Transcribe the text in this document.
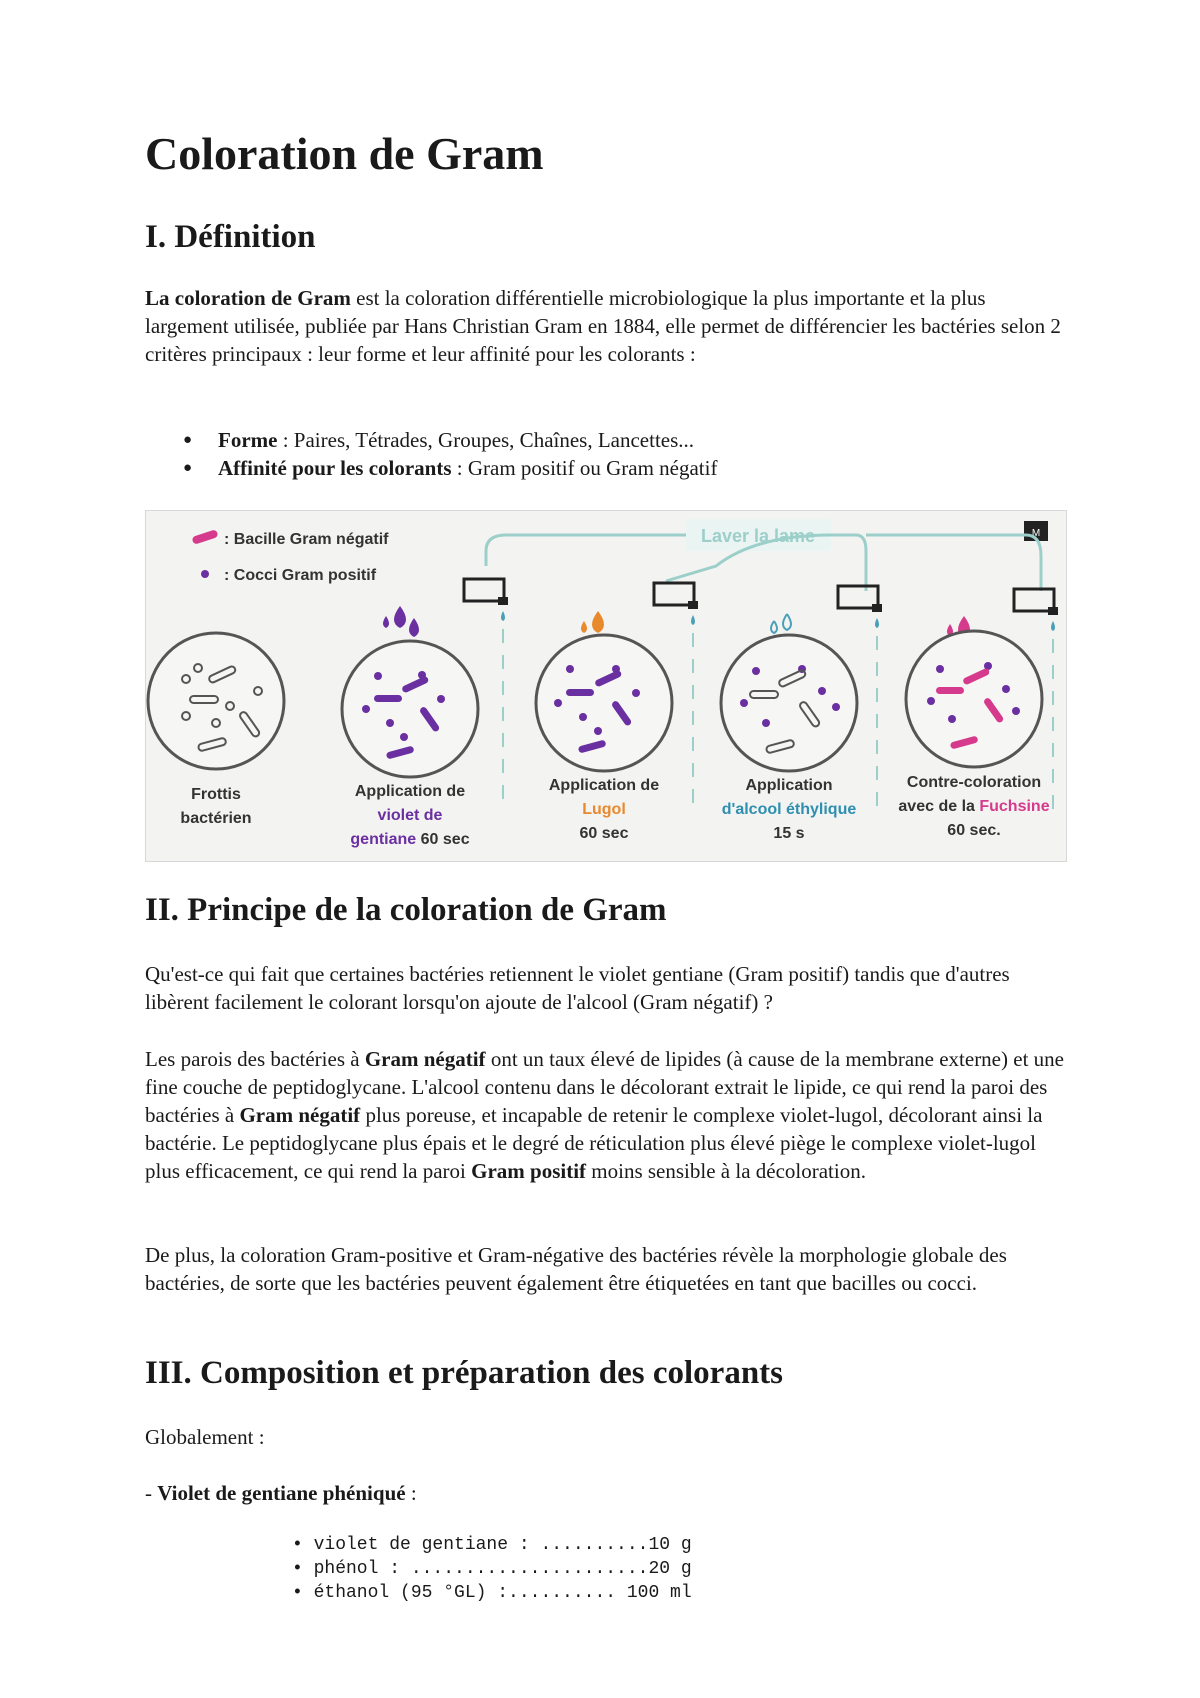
Coloration de Gram
I. Définition

La coloration de Gram est la coloration différentielle microbiologique la plus importante et la plus largement utilisée, publiée par Hans Christian Gram en 1884, elle permet de différencier les bactéries selon 2 critères principaux : leur forme et leur affinité pour les colorants :

● Forme : Paires, Tétrades, Groupes, Chaînes, Lancettes...
● Affinité pour les colorants : Gram positif ou Gram négatif
II. Principe de la coloration de Gram

Qu'est-ce qui fait que certaines bactéries retiennent le violet gentiane (Gram positif) tandis que d'autres libèrent facilement le colorant lorsqu'on ajoute de l'alcool (Gram négatif) ?

Les parois des bactéries à Gram négatif ont un taux élevé de lipides (à cause de la membrane externe) et une fine couche de peptidoglycane. L'alcool contenu dans le décolorant extrait le lipide, ce qui rend la paroi des bactéries à Gram négatif plus poreuse, et incapable de retenir le complexe violet-lugol, décolorant ainsi la bactérie. Le peptidoglycane plus épais et le degré de réticulation plus élevé piège le complexe violet-lugol plus efficacement, ce qui rend la paroi Gram positif moins sensible à la décoloration.

De plus, la coloration Gram-positive et Gram-négative des bactéries révèle la morphologie globale des bactéries, de sorte que les bactéries peuvent également être étiquetées en tant que bacilles ou cocci.

III. Composition et préparation des colorants

Globalement :

- Violet de gentiane phéniqué :

• violet de gentiane : ..........10 g
• phénol : ......................20 g
• éthanol (95 °GL) :.......... 100 ml
: Bacille Gram négatif
: Cocci Gram positif
Laver la lame	M
Frottis
bactérien
Application de
violet de
gentiane 60 sec
Application de
Lugol
60 sec
Application
d'alcool éthylique
15 s
Contre-coloration
avec de la Fuchsine
60 sec.
